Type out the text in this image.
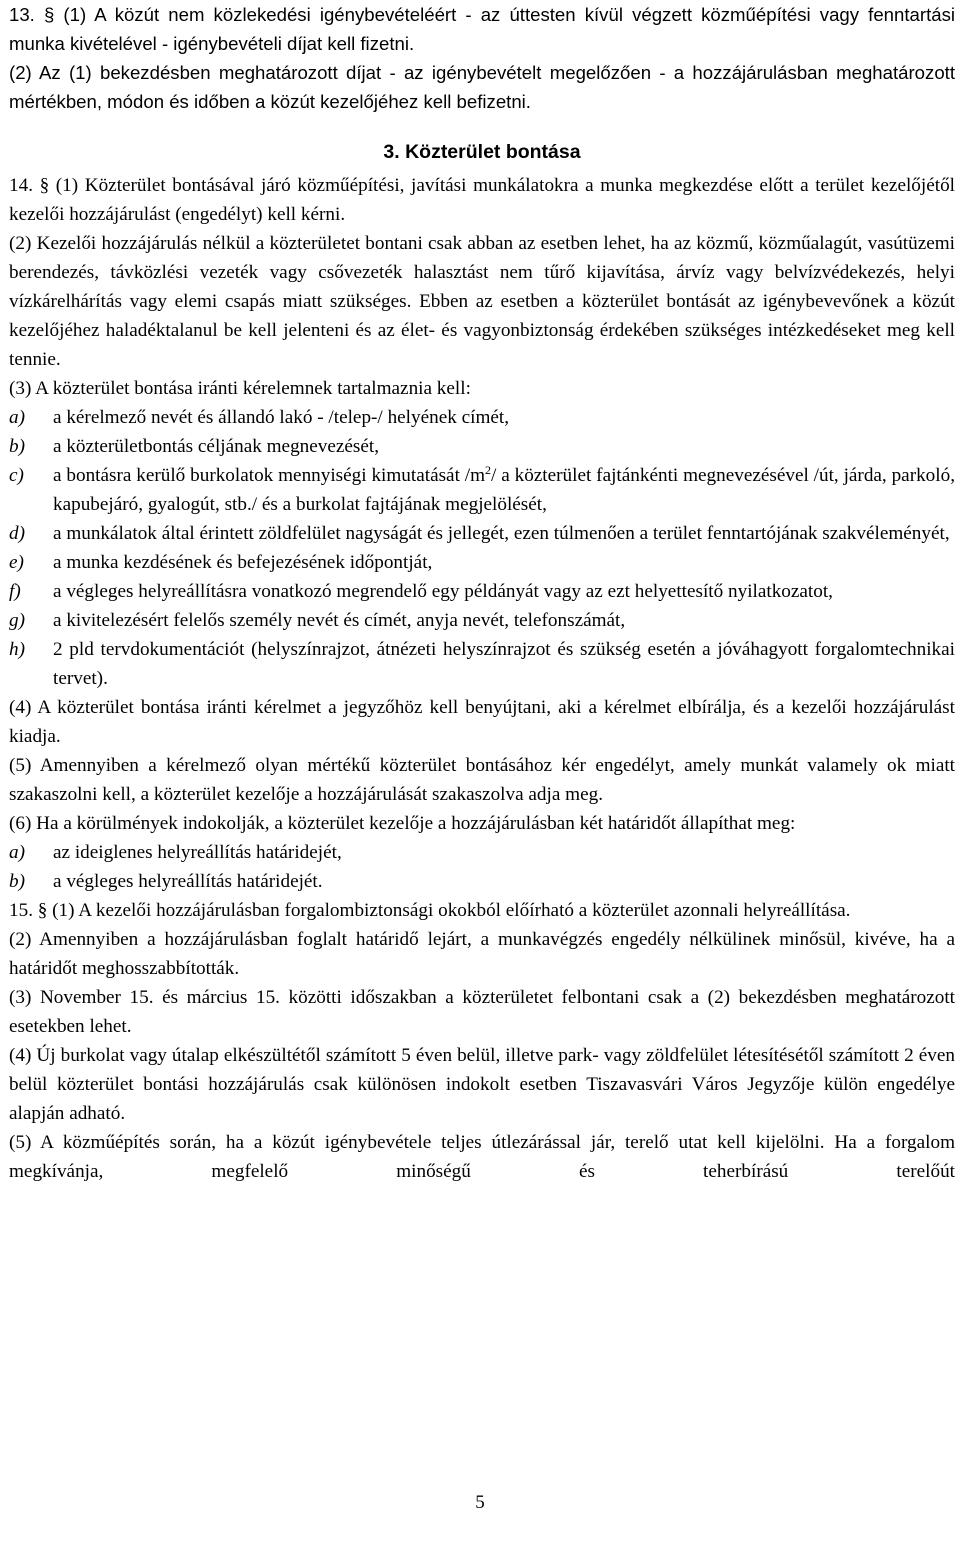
13. § (1) A közút nem közlekedési igénybevételéért - az úttesten kívül végzett közműépítési vagy fenntartási munka kivételével - igénybevételi díjat kell fizetni.

(2) Az (1) bekezdésben meghatározott díjat - az igénybevételt megelőzően - a hozzájárulásban meghatározott mértékben, módon és időben a közút kezelőjéhez kell befizetni.

3. Közterület bontása

14. § (1) Közterület bontásával járó közműépítési, javítási munkálatokra a munka megkezdése előtt a terület kezelőjétől kezelői hozzájárulást (engedélyt) kell kérni.

(2) Kezelői hozzájárulás nélkül a közterületet bontani csak abban az esetben lehet, ha az közmű, közműalagút, vasútüzemi berendezés, távközlési vezeték vagy csővezeték halasztást nem tűrő kijavítása, árvíz vagy belvízvédekezés, helyi vízkárelhárítás vagy elemi csapás miatt szükséges. Ebben az esetben a közterület bontását az igénybevevőnek a közút kezelőjéhez haladéktalanul be kell jelenteni és az élet- és vagyonbiztonság érdekében szükséges intézkedéseket meg kell tennie.

(3) A közterület bontása iránti kérelemnek tartalmaznia kell:

a)	a kérelmező nevét és állandó lakó - /telep-/ helyének címét,
b)	a közterületbontás céljának megnevezését,
c)	a bontásra kerülő burkolatok mennyiségi kimutatását $/m^2/$ a közterület fajtánkénti megnevezésével /út, járda, parkoló, kapubejáró, gyalogút, stb./ és a burkolat fajtájának megjelölését,
d)	a munkálatok által érintett zöldfelület nagyságát és jellegét, ezen túlmenően a terület fenntartójának szakvéleményét,
e)	a munka kezdésének és befejezésének időpontját,
f)	a végleges helyreállításra vonatkozó megrendelő egy példányát vagy az ezt helyettesítő nyilatkozatot,
g)	a kivitelezésért felelős személy nevét és címét, anyja nevét, telefonszámát,
h)	2 pld tervdokumentációt (helyszínrajzot, átnézeti helyszínrajzot és szükség esetén a jóváhagyott forgalomtechnikai tervet).

(4) A közterület bontása iránti kérelmet a jegyzőhöz kell benyújtani, aki a kérelmet elbírálja, és a kezelői hozzájárulást kiadja.

(5) Amennyiben a kérelmező olyan mértékű közterület bontásához kér engedélyt, amely munkát valamely ok miatt szakaszolni kell, a közterület kezelője a hozzájárulását szakaszolva adja meg.

(6) Ha a körülmények indokolják, a közterület kezelője a hozzájárulásban két határidőt állapíthat meg:

a)	az ideiglenes helyreállítás határidejét,
b)	a végleges helyreállítás határidejét.

15. § (1) A kezelői hozzájárulásban forgalombiztonsági okokból előírható a közterület azonnali helyreállítása.

(2) Amennyiben a hozzájárulásban foglalt határidő lejárt, a munkavégzés engedély nélkülinek minősül, kivéve, ha a határidőt meghosszabbították.

(3) November 15. és március 15. közötti időszakban a közterületet felbontani csak a (2) bekezdésben meghatározott esetekben lehet.

(4) Új burkolat vagy útalap elkészültétől számított 5 éven belül, illetve park- vagy zöldfelület létesítésétől számított 2 éven belül közterület bontási hozzájárulás csak különösen indokolt esetben Tiszavasvári Város Jegyzője külön engedélye alapján adható.

(5) A közműépítés során, ha a közút igénybevétele teljes útlezárással jár, terelő utat kell kijelölni. Ha a forgalom megkívánja, megfelelő minőségű és teherbírású terelőút

5
